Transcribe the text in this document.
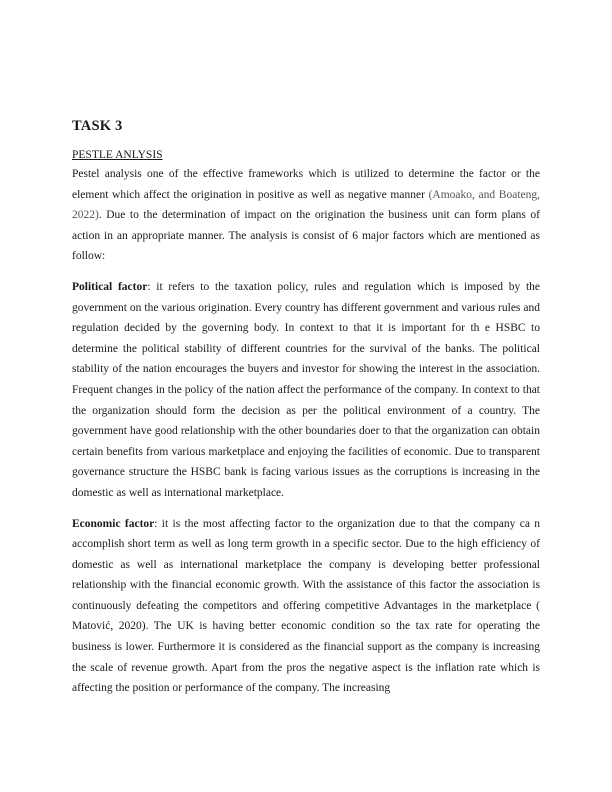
TASK 3
PESTLE ANLYSIS

Pestel analysis one of the effective frameworks which is utilized to determine the factor or the element which affect the origination in positive as well as negative manner (Amoako, and Boateng, 2022). Due to the determination of impact on the origination the business unit can form plans of action in an appropriate manner. The analysis is consist of 6 major factors which are mentioned as follow:

Political factor: it refers to the taxation policy, rules and regulation which is imposed by the government on the various origination. Every country has different government and various rules and regulation decided by the governing body. In context to that it is important for th e HSBC to determine the political stability of different countries for the survival of the banks. The political stability of the nation encourages the buyers and investor for showing the interest in the association. Frequent changes in the policy of the nation affect the performance of the company. In context to that the organization should form the decision as per the political environment of a country. The government have good relationship with the other boundaries doer to that the organization can obtain certain benefits from various marketplace and enjoying the facilities of economic. Due to transparent governance structure the HSBC bank is facing various issues as the corruptions is increasing in the domestic as well as international marketplace.

Economic factor: it is the most affecting factor to the organization due to that the company ca n accomplish short term as well as long term growth in a specific sector. Due to the high efficiency of domestic as well as international marketplace the company is developing better professional relationship with the financial economic growth. With the assistance of this factor the association is continuously defeating the competitors and offering competitive Advantages in the marketplace ( Matović, 2020). The UK is having better economic condition so the tax rate for operating the business is lower. Furthermore it is considered as the financial support as the company is increasing the scale of revenue growth. Apart from the pros the negative aspect is the inflation rate which is affecting the position or performance of the company. The increasing
